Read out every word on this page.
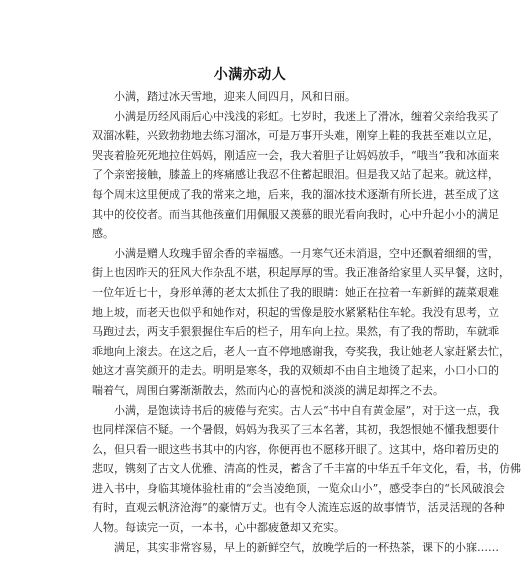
小满亦动人

小满，踏过冰天雪地，迎来人间四月，风和日丽。

小满是历经风雨后心中浅浅的彩虹。七岁时，我迷上了滑冰，缠着父亲给我买了
双溜冰鞋，兴致勃勃地去练习溜冰，可是万事开头难，刚穿上鞋的我甚至难以立足，
哭丧着脸死死地拉住妈妈，刚适应一会，我大着胆子让妈妈放手，“哦当”我和冰面来
了个亲密接触，膝盖上的疼痛感让我忍不住蓄起眼泪。但是我又站了起来。就这样，
每个周末这里便成了我的常来之地，后来，我的溜冰技术逐渐有所长进，甚至成了这
其中的佼佼者。而当其他孩童们用佩服又羡慕的眼光看向我时，心中升起小小的满足
感。

小满是赠人玫瑰手留余香的幸福感。一月寒气还未消退，空中还飘着细细的雪，
街上也因昨天的狂风大作杂乱不堪，积起厚厚的雪。我正准备给家里人买早餐，这时，
一位年近七十，身形单薄的老太太抓住了我的眼睛：她正在拉着一车新鲜的蔬菜艰难
地上坡，而老天也似乎和她作对，积起的雪像是胶水紧紧粘住车轮。我没有思考，立
马跑过去，两支手狠狠握住车后的栏子，用车向上拉。果然，有了我的帮助，车就乖
乖地向上滚去。在这之后，老人一直不停地感谢我，夸奖我，我让她老人家赶紧去忙，
她这才喜笑颜开的走去。明明是寒冬，我的双颊却不由自主地烫了起来，小口小口的
喘着气，周围白雾渐渐散去，然而内心的喜悦和淡淡的满足却挥之不去。

小满，是饱读诗书后的疲倦与充实。古人云“书中自有黄金屋”，对于这一点，我
也同样深信不疑。一个暑假，妈妈为我买了三本名著，其初，我怨恨她不懂我想要什
么，但只看一眼这些书其中的内容，你便再也不愿移开眼了。这其中，烙印着历史的
悲叹，镌刻了古文人优雅、清高的性灵，蓄含了千丰富的中华五千年文化，看，书，仿佛
进入书中，身临其境体验杜甫的“会当凌绝顶，一览众山小”，感受李白的“长风破浪会
有时，直观云帆济沧海”的豪情万丈。也有令人流连忘返的故事情节，活灵活现的各种
人物。每读完一页，一本书，心中都疲惫却又充实。

满足，其实非常容易，早上的新鲜空气，放晚学后的一杯热茶，课下的小寐……
